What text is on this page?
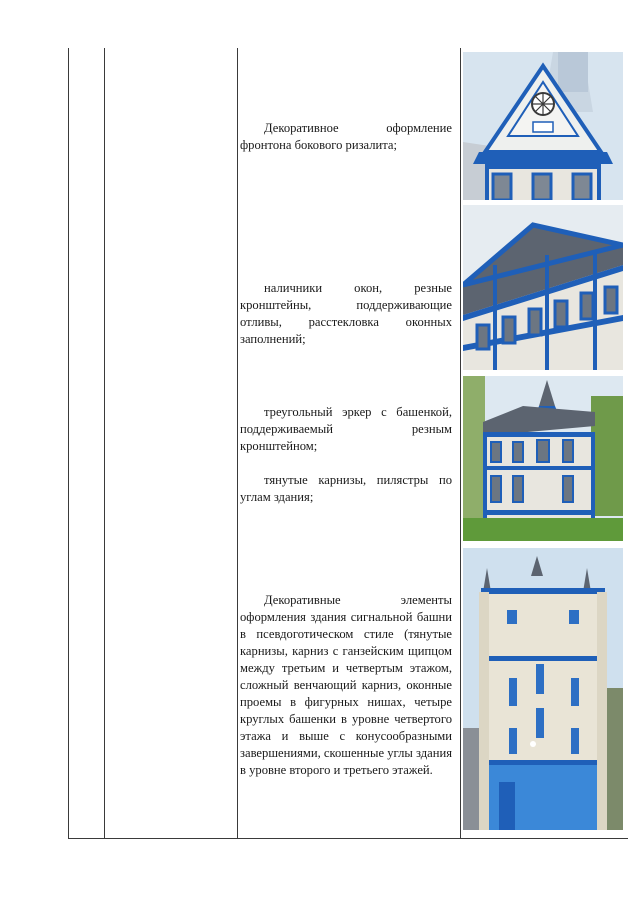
Декоративное оформление фронтона бокового ризалита;

наличники окон, резные кронштейны, поддерживающие отливы, расстекловка оконных заполнений;

треугольный эркер с башенкой, поддерживаемый резным кронштейном;

тянутые карнизы, пилястры по углам здания;

Декоративные элементы оформления здания сигнальной башни в псевдоготическом стиле (тянутые карнизы, карниз с ганзейским щипцом между третьим и четвертым этажом, сложный венчающий карниз, оконные проемы в фигурных нишах, четыре круглых башенки в уровне четвертого этажа и выше с конусообразными завершениями, скошенные углы здания в уровне второго и третьего этажей.
